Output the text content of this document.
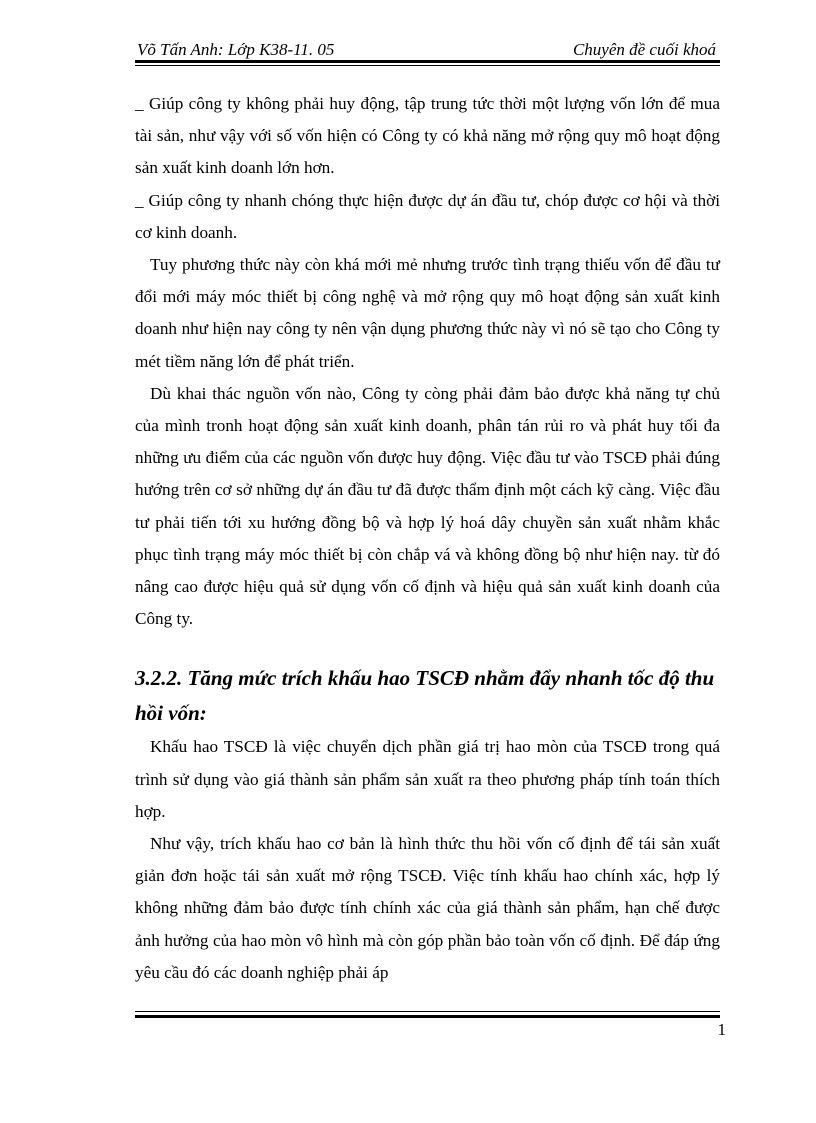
Võ Tấn Anh: Lớp K38-11. 05	Chuyên đề cuối khoá

_ Giúp công ty không phải huy động, tập trung tức thời một lượng vốn lớn để mua tài sản, như vậy với số vốn hiện có Công ty có khả năng mở rộng quy mô hoạt động sản xuất kinh doanh lớn hơn.

_ Giúp công ty nhanh chóng thực hiện được dự án đầu tư, chóp được cơ hội và thời cơ kinh doanh.

Tuy phương thức này còn khá mới mẻ nhưng trước tình trạng thiếu vốn để đầu tư đổi mới máy móc thiết bị công nghệ và mở rộng quy mô hoạt động sản xuất kinh doanh như hiện nay công ty nên vận dụng phương thức này vì nó sẽ tạo cho Công ty mét tiềm năng lớn để phát triển.

Dù khai thác nguồn vốn nào, Công ty còng phải đảm bảo được khả năng tự chủ của mình tronh hoạt động sản xuất kinh doanh, phân tán rủi ro và phát huy tối đa những ưu điểm của các nguồn vốn được huy động. Việc đầu tư vào TSCĐ phải đúng hướng trên cơ sở những dự án đầu tư đã được thẩm định một cách kỹ càng. Việc đầu tư phải tiến tới xu hướng đồng bộ và hợp lý hoá dây chuyền sản xuất nhằm khắc phục tình trạng máy móc thiết bị còn chắp vá và không đồng bộ như hiện nay. từ đó nâng cao được hiệu quả sử dụng vốn cố định và hiệu quả sản xuất kinh doanh của Công ty.

3.2.2. Tăng mức trích khấu hao TSCĐ nhằm đẩy nhanh tốc độ thu hồi vốn:

Khấu hao TSCĐ là việc chuyển dịch phần giá trị hao mòn của TSCĐ trong quá trình sử dụng vào giá thành sản phẩm sản xuất ra theo phương pháp tính toán thích hợp.

Như vậy, trích khấu hao cơ bản là hình thức thu hồi vốn cố định để tái sản xuất giản đơn hoặc tái sản xuất mở rộng TSCĐ. Việc tính khấu hao chính xác, hợp lý không những đảm bảo được tính chính xác của giá thành sản phẩm, hạn chế được ảnh hưởng của hao mòn vô hình mà còn góp phần bảo toàn vốn cố định. Để đáp ứng yêu cầu đó các doanh nghiệp phải áp

1
